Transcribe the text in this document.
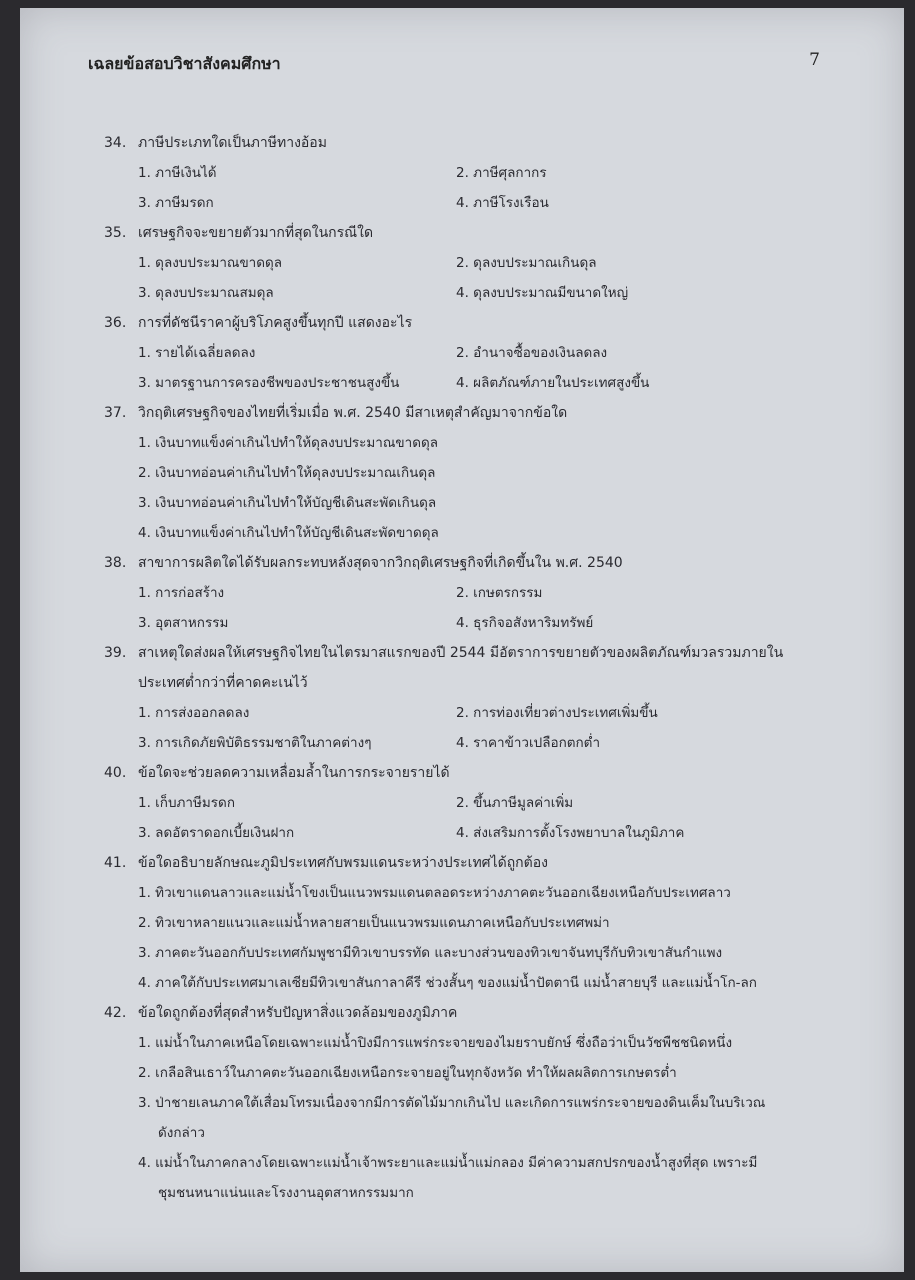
เฉลยข้อสอบวิชาสังคมศึกษา	7
34. ภาษีประเภทใดเป็นภาษีทางอ้อม
1. ภาษีเงินได้	2. ภาษีศุลกากร
3. ภาษีมรดก	4. ภาษีโรงเรือน
35. เศรษฐกิจจะขยายตัวมากที่สุดในกรณีใด
1. ดุลงบประมาณขาดดุล	2. ดุลงบประมาณเกินดุล
3. ดุลงบประมาณสมดุล	4. ดุลงบประมาณมีขนาดใหญ่
36. การที่ดัชนีราคาผู้บริโภคสูงขึ้นทุกปี แสดงอะไร
1. รายได้เฉลี่ยลดลง	2. อำนาจซื้อของเงินลดลง
3. มาตรฐานการครองชีพของประชาชนสูงขึ้น	4. ผลิตภัณฑ์ภายในประเทศสูงขึ้น
37. วิกฤติเศรษฐกิจของไทยที่เริ่มเมื่อ พ.ศ. 2540 มีสาเหตุสำคัญมาจากข้อใด
1. เงินบาทแข็งค่าเกินไปทำให้ดุลงบประมาณขาดดุล
2. เงินบาทอ่อนค่าเกินไปทำให้ดุลงบประมาณเกินดุล
3. เงินบาทอ่อนค่าเกินไปทำให้บัญชีเดินสะพัดเกินดุล
4. เงินบาทแข็งค่าเกินไปทำให้บัญชีเดินสะพัดขาดดุล
38. สาขาการผลิตใดได้รับผลกระทบหลังสุดจากวิกฤติเศรษฐกิจที่เกิดขึ้นใน พ.ศ. 2540
1. การก่อสร้าง	2. เกษตรกรรม
3. อุตสาหกรรม	4. ธุรกิจอสังหาริมทรัพย์
39. สาเหตุใดส่งผลให้เศรษฐกิจไทยในไตรมาสแรกของปี 2544 มีอัตราการขยายตัวของผลิตภัณฑ์มวลรวมภายใน
ประเทศต่ำกว่าที่คาดคะเนไว้
1. การส่งออกลดลง	2. การท่องเที่ยวต่างประเทศเพิ่มขึ้น
3. การเกิดภัยพิบัติธรรมชาติในภาคต่างๆ	4. ราคาข้าวเปลือกตกต่ำ
40. ข้อใดจะช่วยลดความเหลื่อมล้ำในการกระจายรายได้
1. เก็บภาษีมรดก	2. ขึ้นภาษีมูลค่าเพิ่ม
3. ลดอัตราดอกเบี้ยเงินฝาก	4. ส่งเสริมการตั้งโรงพยาบาลในภูมิภาค
41. ข้อใดอธิบายลักษณะภูมิประเทศกับพรมแดนระหว่างประเทศได้ถูกต้อง
1. ทิวเขาแดนลาวและแม่น้ำโขงเป็นแนวพรมแดนตลอดระหว่างภาคตะวันออกเฉียงเหนือกับประเทศลาว
2. ทิวเขาหลายแนวและแม่น้ำหลายสายเป็นแนวพรมแดนภาคเหนือกับประเทศพม่า
3. ภาคตะวันออกกับประเทศกัมพูชามีทิวเขาบรรทัด และบางส่วนของทิวเขาจันทบุรีกับทิวเขาสันกำแพง
4. ภาคใต้กับประเทศมาเลเซียมีทิวเขาสันกาลาคีรี ช่วงสั้นๆ ของแม่น้ำปัตตานี แม่น้ำสายบุรี และแม่น้ำโก-ลก
42. ข้อใดถูกต้องที่สุดสำหรับปัญหาสิ่งแวดล้อมของภูมิภาค
1. แม่น้ำในภาคเหนือโดยเฉพาะแม่น้ำปิงมีการแพร่กระจายของไมยราบยักษ์ ซึ่งถือว่าเป็นวัชพืชชนิดหนึ่ง
2. เกลือสินเธาว์ในภาคตะวันออกเฉียงเหนือกระจายอยู่ในทุกจังหวัด ทำให้ผลผลิตการเกษตรต่ำ
3. ป่าชายเลนภาคใต้เสื่อมโทรมเนื่องจากมีการตัดไม้มากเกินไป และเกิดการแพร่กระจายของดินเค็มในบริเวณ
ดังกล่าว
4. แม่น้ำในภาคกลางโดยเฉพาะแม่น้ำเจ้าพระยาและแม่น้ำแม่กลอง มีค่าความสกปรกของน้ำสูงที่สุด เพราะมี
ชุมชนหนาแน่นและโรงงานอุตสาหกรรมมาก
